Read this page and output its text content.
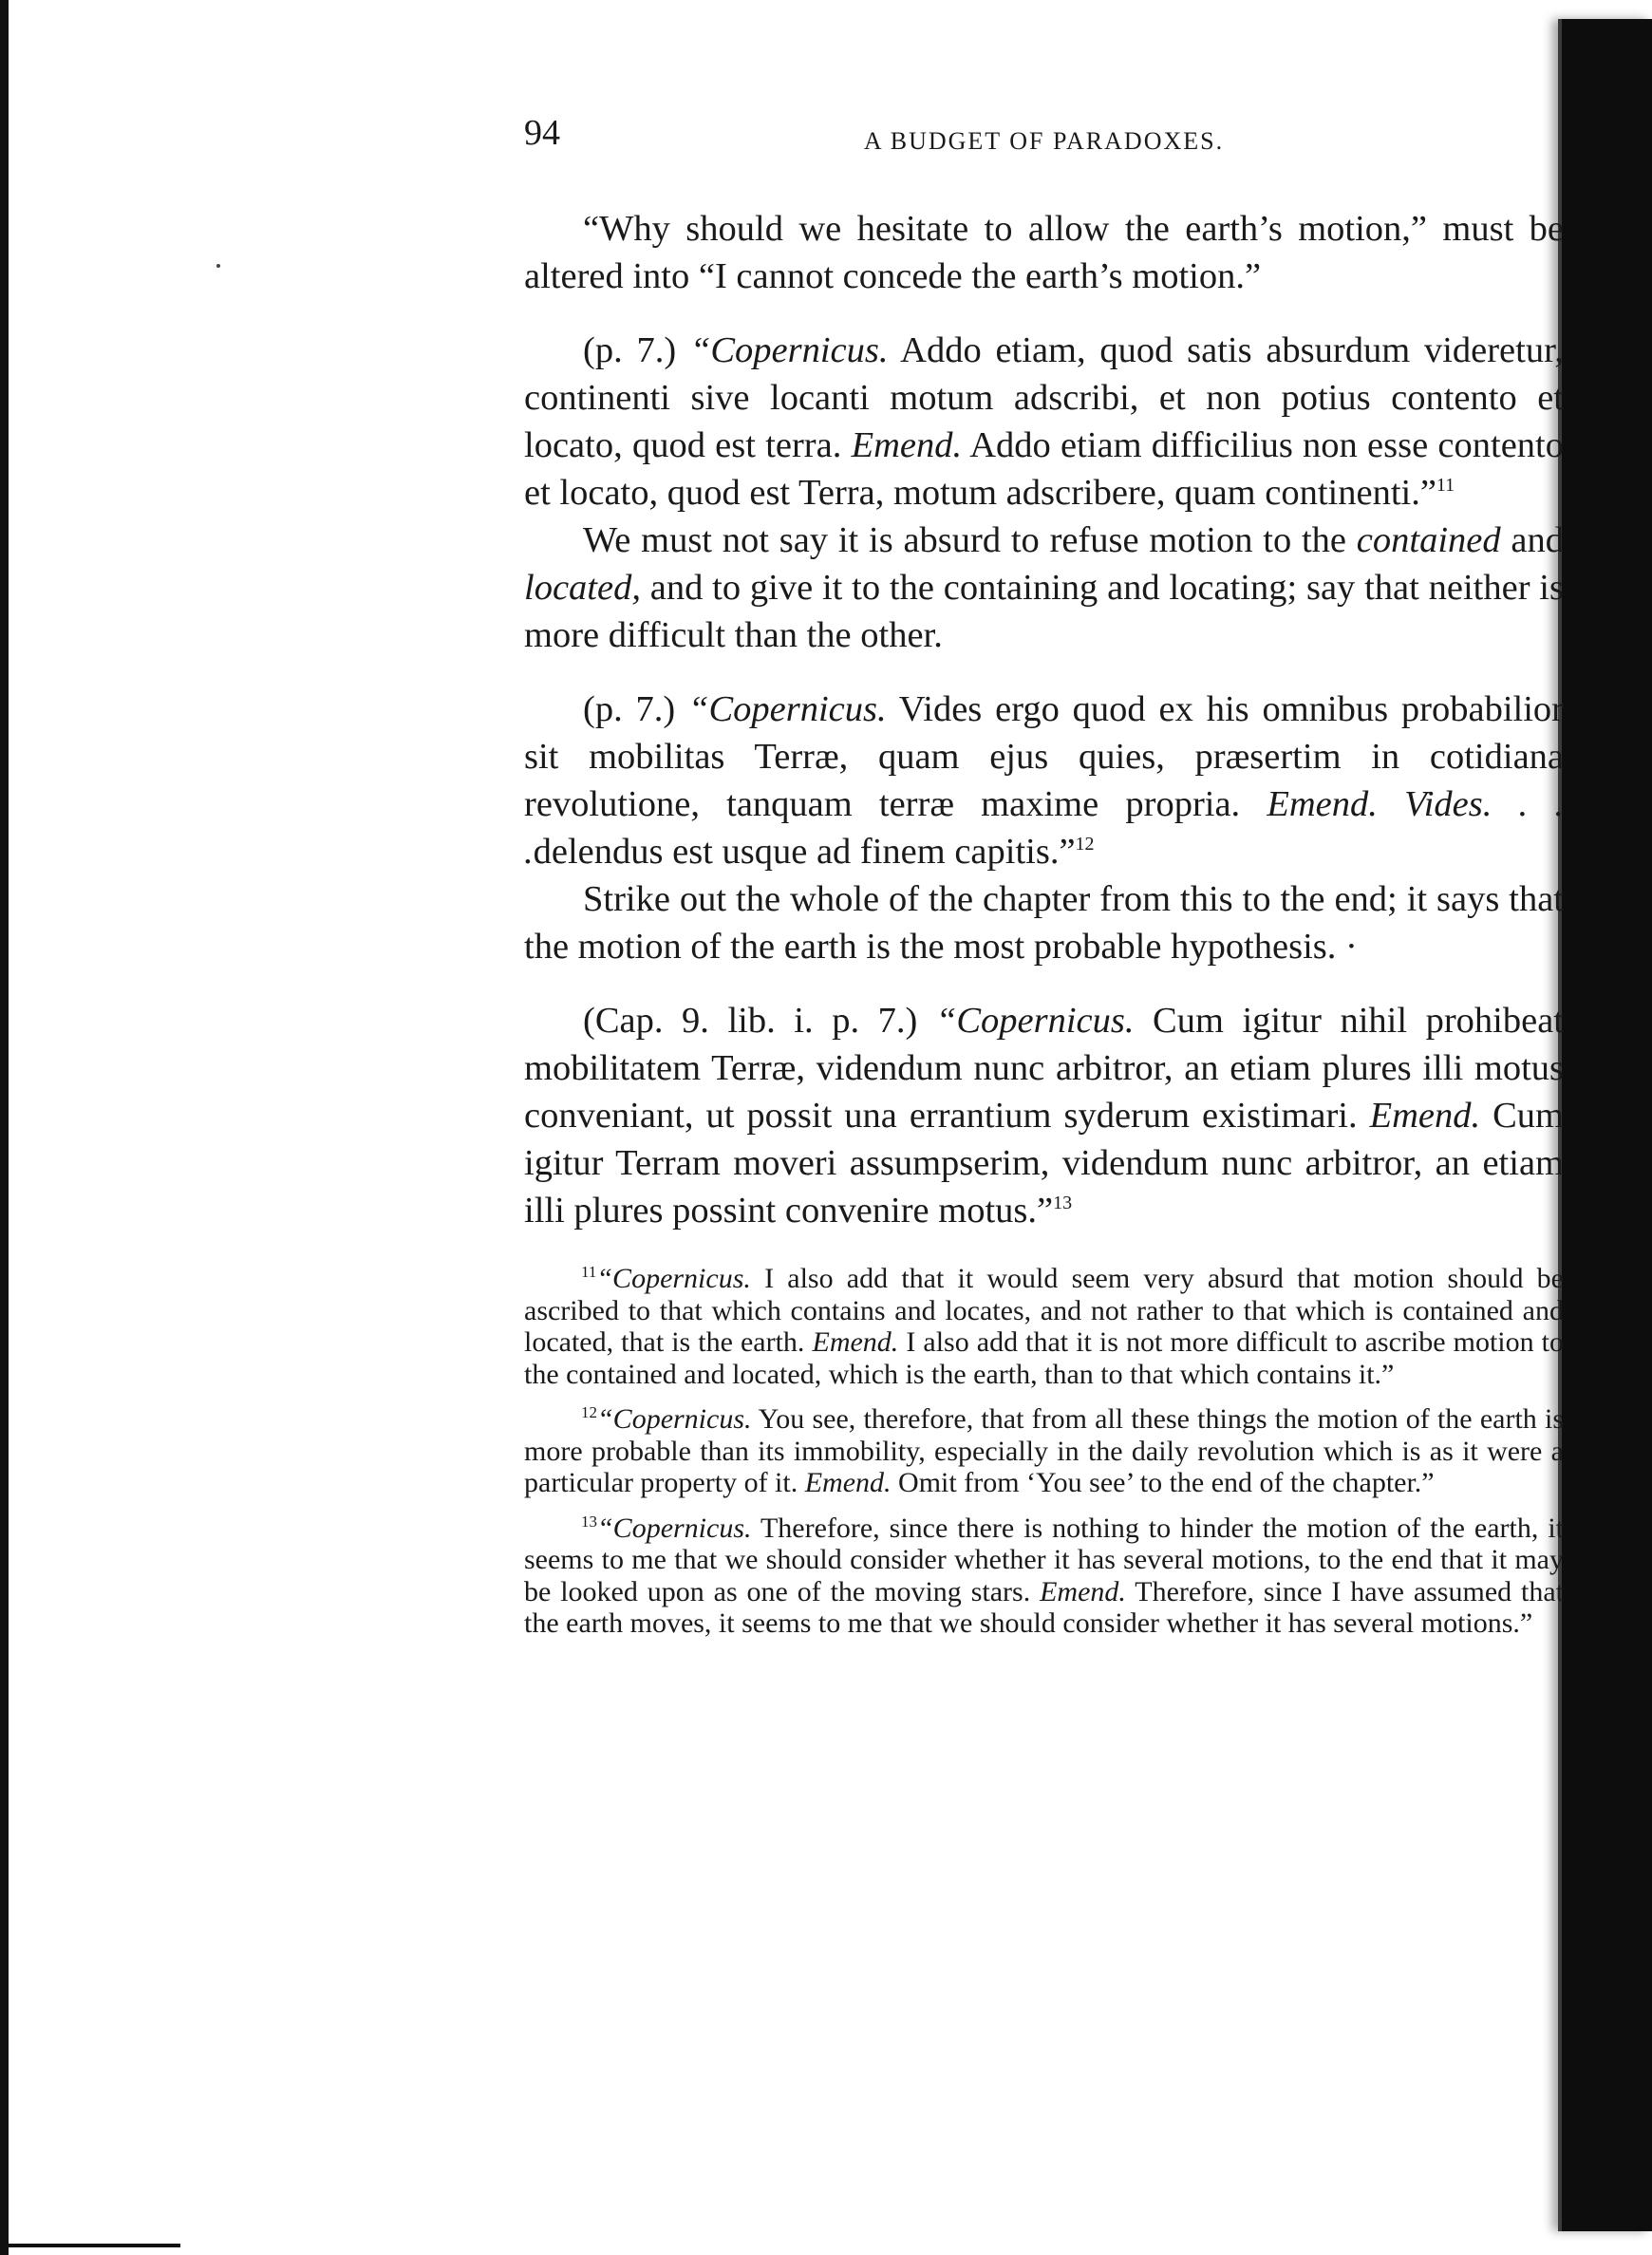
94	A BUDGET OF PARADOXES.

“Why should we hesitate to allow the earth’s motion,” must be altered into “I cannot concede the earth’s motion.”

(p. 7.) “Copernicus. Addo etiam, quod satis absurdum videretur, continenti sive locanti motum adscribi, et non potius contento et locato, quod est terra. Emend. Addo etiam difficilius non esse contento et locato, quod est Terra, motum adscribere, quam continenti.”$^{11}$

We must not say it is absurd to refuse motion to the contained and located, and to give it to the containing and locating; say that neither is more difficult than the other.

(p. 7.) “Copernicus. Vides ergo quod ex his omnibus probabilior sit mobilitas Terræ, quam ejus quies, præsertim in cotidiana revolutione, tanquam terræ maxime propria. Emend. Vides. . . .delendus est usque ad finem capitis.”$^{12}$

Strike out the whole of the chapter from this to the end; it says that the motion of the earth is the most probable hypothesis. ·

(Cap. 9. lib. i. p. 7.) “Copernicus. Cum igitur nihil prohibeat mobilitatem Terræ, videndum nunc arbitror, an etiam plures illi motus conveniant, ut possit una errantium syderum existimari. Emend. Cum igitur Terram moveri assumpserim, videndum nunc arbitror, an etiam illi plures possint convenire motus.”$^{13}$

$^{11}$“Copernicus. I also add that it would seem very absurd that motion should be ascribed to that which contains and locates, and not rather to that which is contained and located, that is the earth. Emend. I also add that it is not more difficult to ascribe motion to the contained and located, which is the earth, than to that which contains it.”

$^{12}$“Copernicus. You see, therefore, that from all these things the motion of the earth is more probable than its immobility, especially in the daily revolution which is as it were a particular property of it. Emend. Omit from ‘You see’ to the end of the chapter.”

$^{13}$“Copernicus. Therefore, since there is nothing to hinder the motion of the earth, it seems to me that we should consider whether it has several motions, to the end that it may be looked upon as one of the moving stars. Emend. Therefore, since I have assumed that the earth moves, it seems to me that we should consider whether it has several motions.”
